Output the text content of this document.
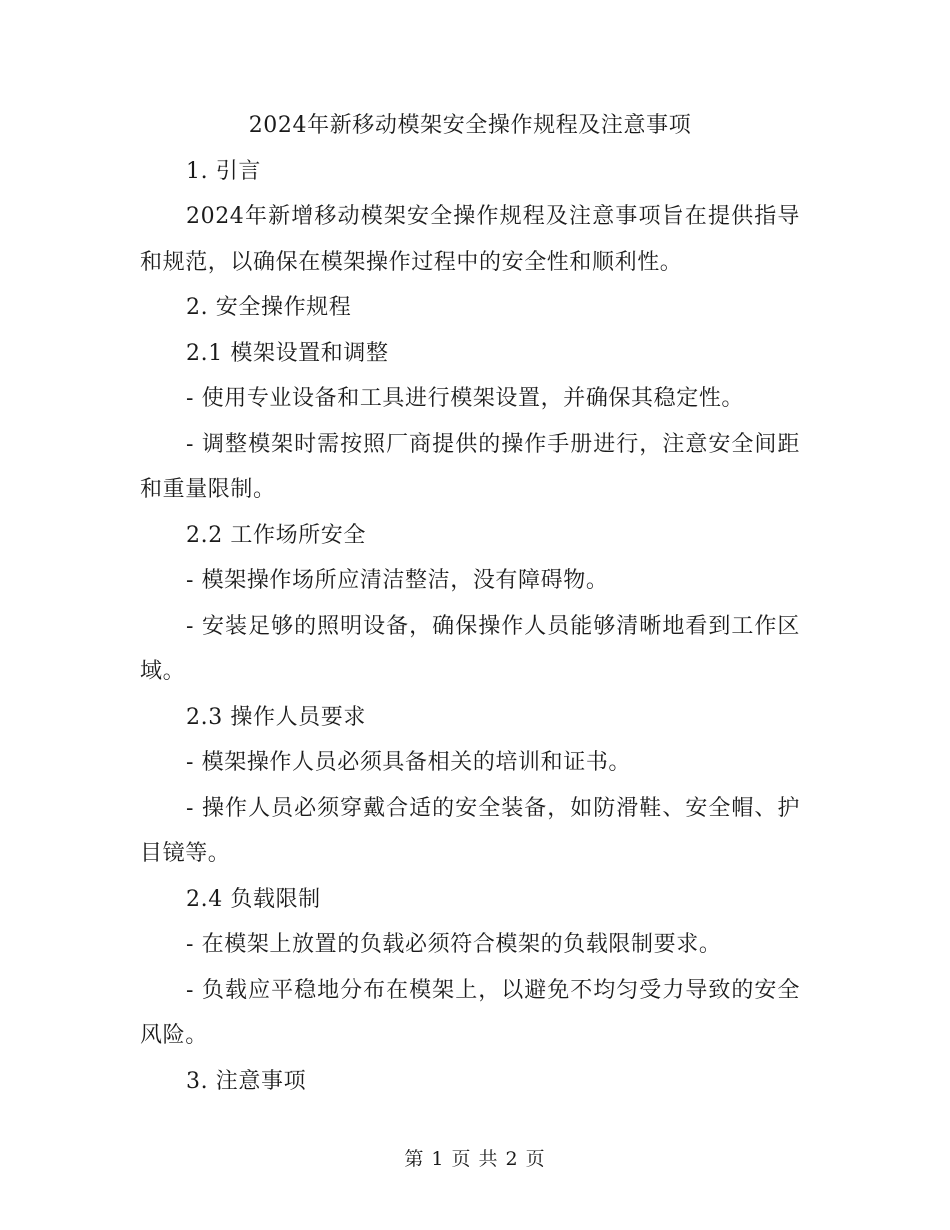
2024年新移动模架安全操作规程及注意事项

1. 引言

2024年新增移动模架安全操作规程及注意事项旨在提供指导和规范，以确保在模架操作过程中的安全性和顺利性。

2. 安全操作规程

2.1 模架设置和调整

- 使用专业设备和工具进行模架设置，并确保其稳定性。

- 调整模架时需按照厂商提供的操作手册进行，注意安全间距和重量限制。

2.2 工作场所安全

- 模架操作场所应清洁整洁，没有障碍物。

- 安装足够的照明设备，确保操作人员能够清晰地看到工作区域。

2.3 操作人员要求

- 模架操作人员必须具备相关的培训和证书。

- 操作人员必须穿戴合适的安全装备，如防滑鞋、安全帽、护目镜等。

2.4 负载限制

- 在模架上放置的负载必须符合模架的负载限制要求。

- 负载应平稳地分布在模架上，以避免不均匀受力导致的安全风险。

3. 注意事项

第 1 页 共 2 页
